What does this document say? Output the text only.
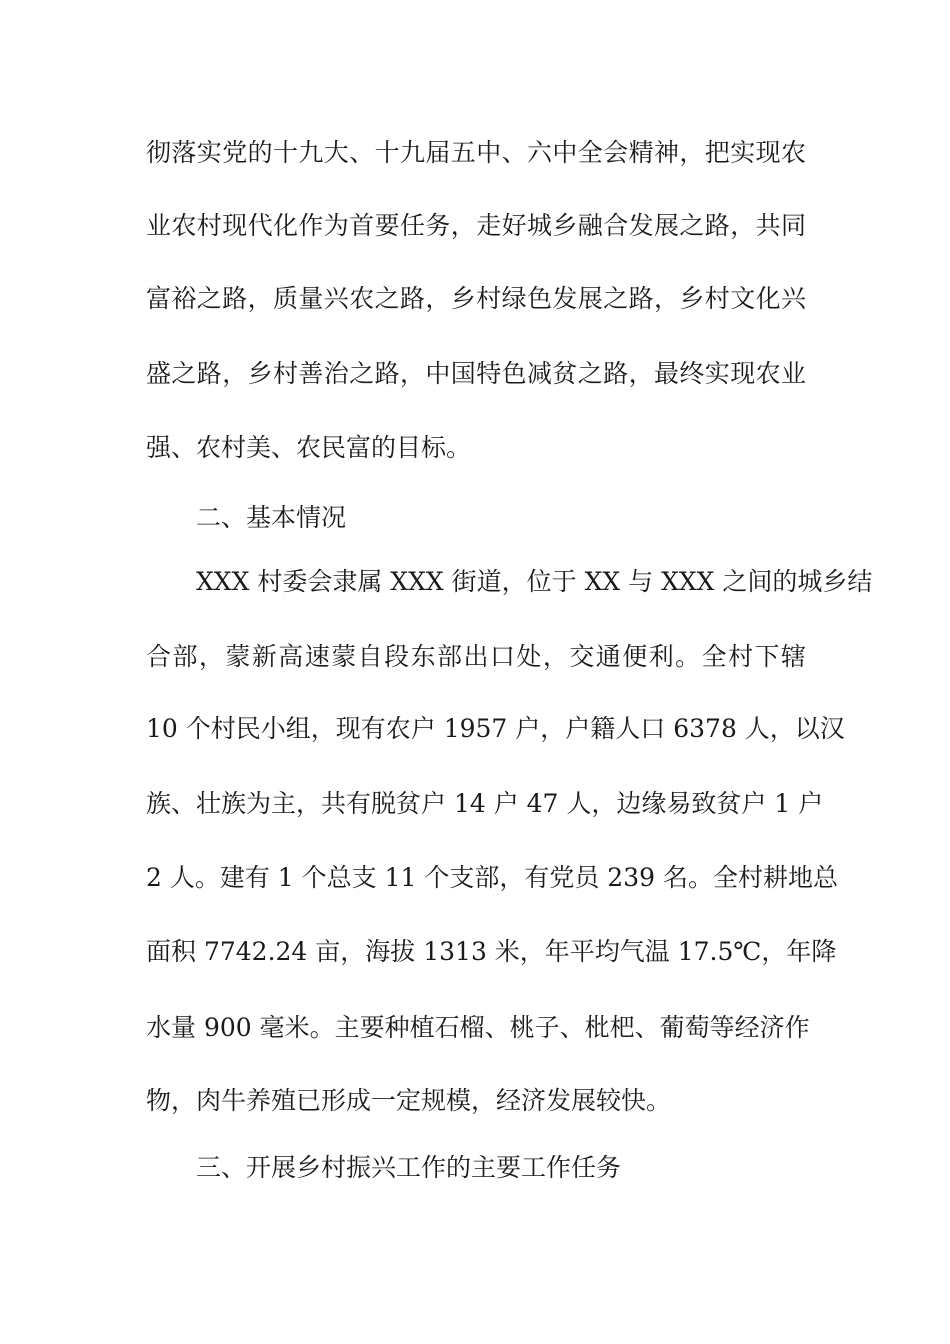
彻落实党的十九大、十九届五中、六中全会精神，把实现农
业农村现代化作为首要任务，走好城乡融合发展之路，共同
富裕之路，质量兴农之路，乡村绿色发展之路，乡村文化兴
盛之路，乡村善治之路，中国特色减贫之路，最终实现农业
强、农村美、农民富的目标。
二、基本情况
XXX 村委会隶属 XXX 街道，位于 XX 与 XXX 之间的城乡结
合部，蒙新高速蒙自段东部出口处，交通便利。全村下辖
10 个村民小组，现有农户 1957 户，户籍人口 6378 人，以汉
族、壮族为主，共有脱贫户 14 户 47 人，边缘易致贫户 1 户
2 人。建有 1 个总支 11 个支部，有党员 239 名。全村耕地总
面积 7742.24 亩，海拔 1313 米，年平均气温 17.5℃，年降
水量 900 毫米。主要种植石榴、桃子、枇杷、葡萄等经济作
物，肉牛养殖已形成一定规模，经济发展较快。
三、开展乡村振兴工作的主要工作任务
